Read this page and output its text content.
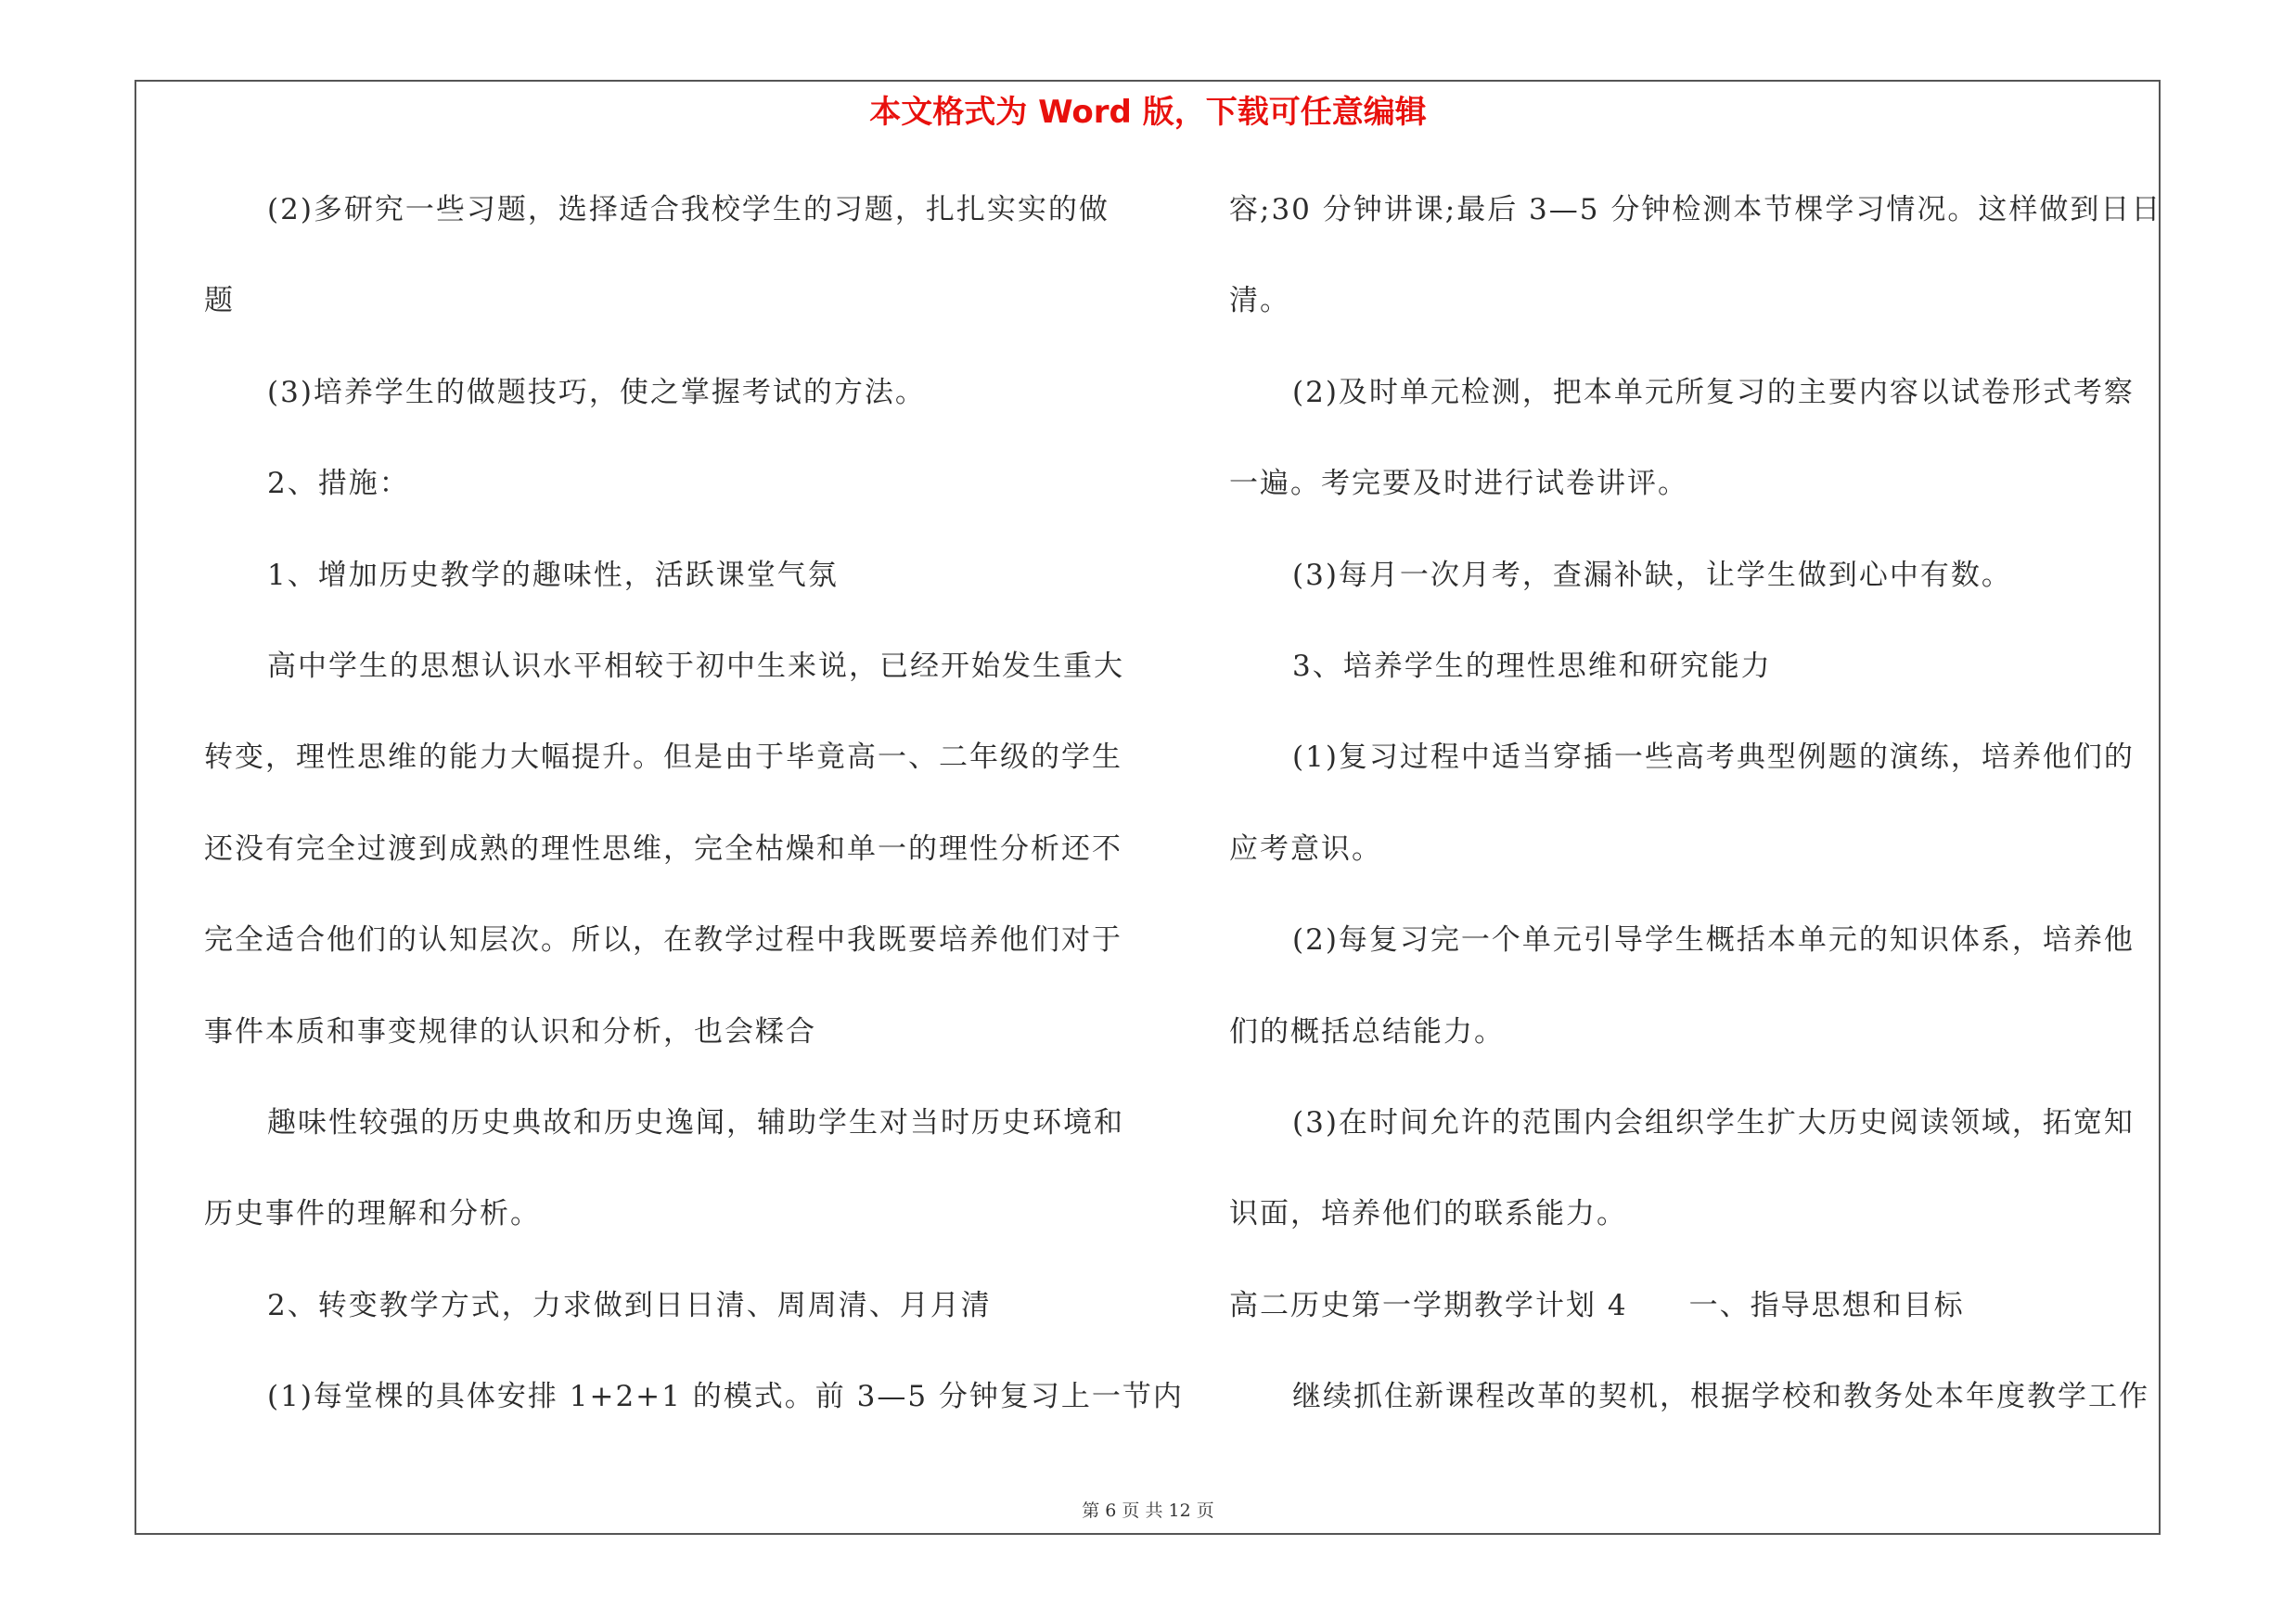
本文格式为 Word 版，下载可任意编辑
(2)多研究一些习题，选择适合我校学生的习题，扎扎实实的做
题
(3)培养学生的做题技巧，使之掌握考试的方法。
2、措施：
1、增加历史教学的趣味性，活跃课堂气氛
高中学生的思想认识水平相较于初中生来说，已经开始发生重大
转变，理性思维的能力大幅提升。但是由于毕竟高一、二年级的学生
还没有完全过渡到成熟的理性思维，完全枯燥和单一的理性分析还不
完全适合他们的认知层次。所以，在教学过程中我既要培养他们对于
事件本质和事变规律的认识和分析，也会糅合
趣味性较强的历史典故和历史逸闻，辅助学生对当时历史环境和
历史事件的理解和分析。
2、转变教学方式，力求做到日日清、周周清、月月清
(1)每堂棵的具体安排 1+2+1 的模式。前 3—5 分钟复习上一节内
容;30 分钟讲课;最后 3—5 分钟检测本节棵学习情况。这样做到日日
清。
(2)及时单元检测，把本单元所复习的主要内容以试卷形式考察
一遍。考完要及时进行试卷讲评。
(3)每月一次月考，查漏补缺，让学生做到心中有数。
3、培养学生的理性思维和研究能力
(1)复习过程中适当穿插一些高考典型例题的演练，培养他们的
应考意识。
(2)每复习完一个单元引导学生概括本单元的知识体系，培养他
们的概括总结能力。
(3)在时间允许的范围内会组织学生扩大历史阅读领域，拓宽知
识面，培养他们的联系能力。
高二历史第一学期教学计划 4　　一、指导思想和目标
继续抓住新课程改革的契机，根据学校和教务处本年度教学工作
第 6 页 共 12 页
